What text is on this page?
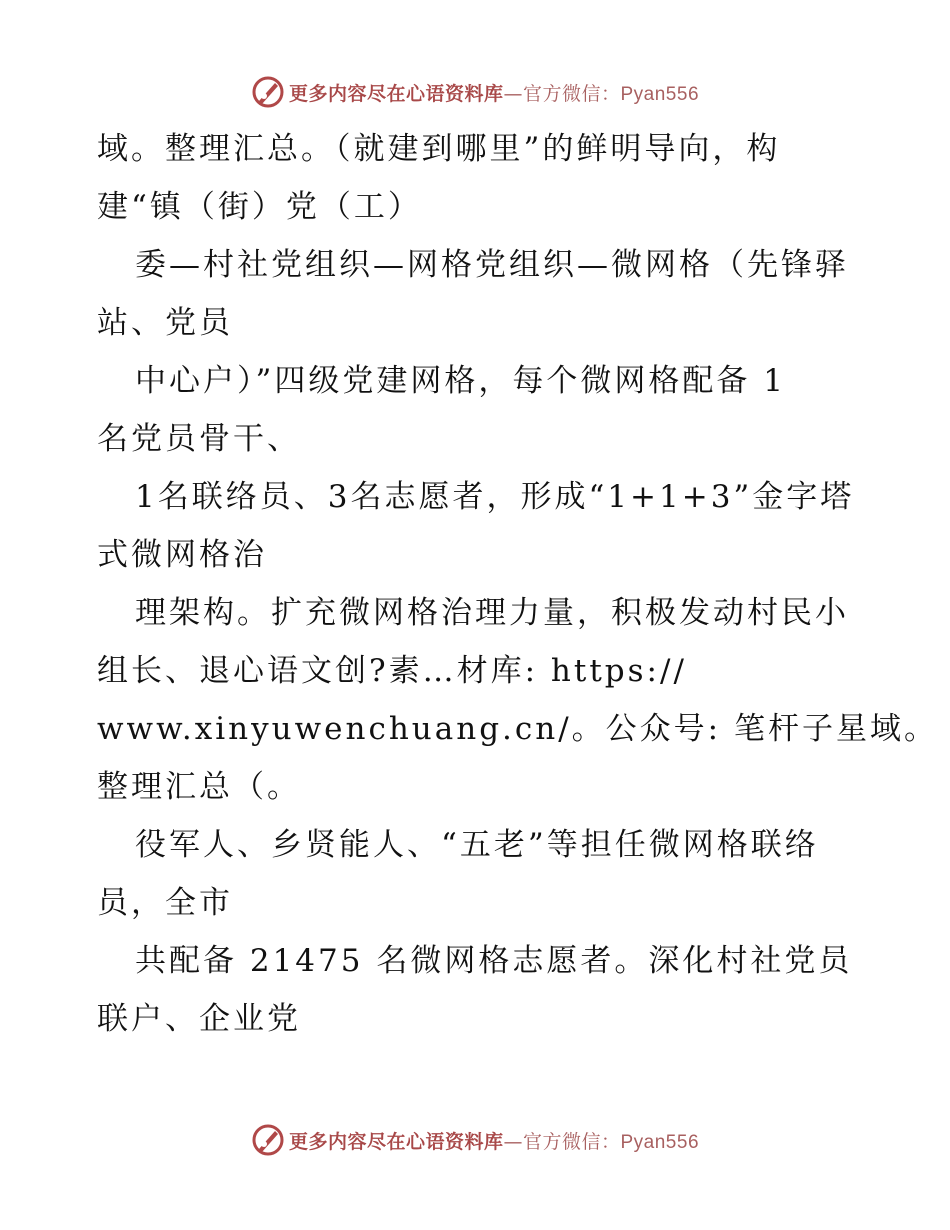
更多内容尽在心语资料库—官方微信：Pyan556
域。整理汇总。（就建到哪里”的鲜明导向，构
建“镇（街）党（工）
委—村社党组织—网格党组织—微网格（先锋驿
站、党员
中心户）”四级党建网格，每个微网格配备 1
名党员骨干、
1名联络员、3名志愿者，形成“1+1+3”金字塔
式微网格治
理架构。扩充微网格治理力量，积极发动村民小
组长、退心语文创?素…材库: https://
www.xinyuwenchuang.cn/。公众号: 笔杆子星域。
整理汇总（。
役军人、乡贤能人、“五老”等担任微网格联络
员，全市
共配备 21475 名微网格志愿者。深化村社党员
联户、企业党
更多内容尽在心语资料库—官方微信：Pyan556
